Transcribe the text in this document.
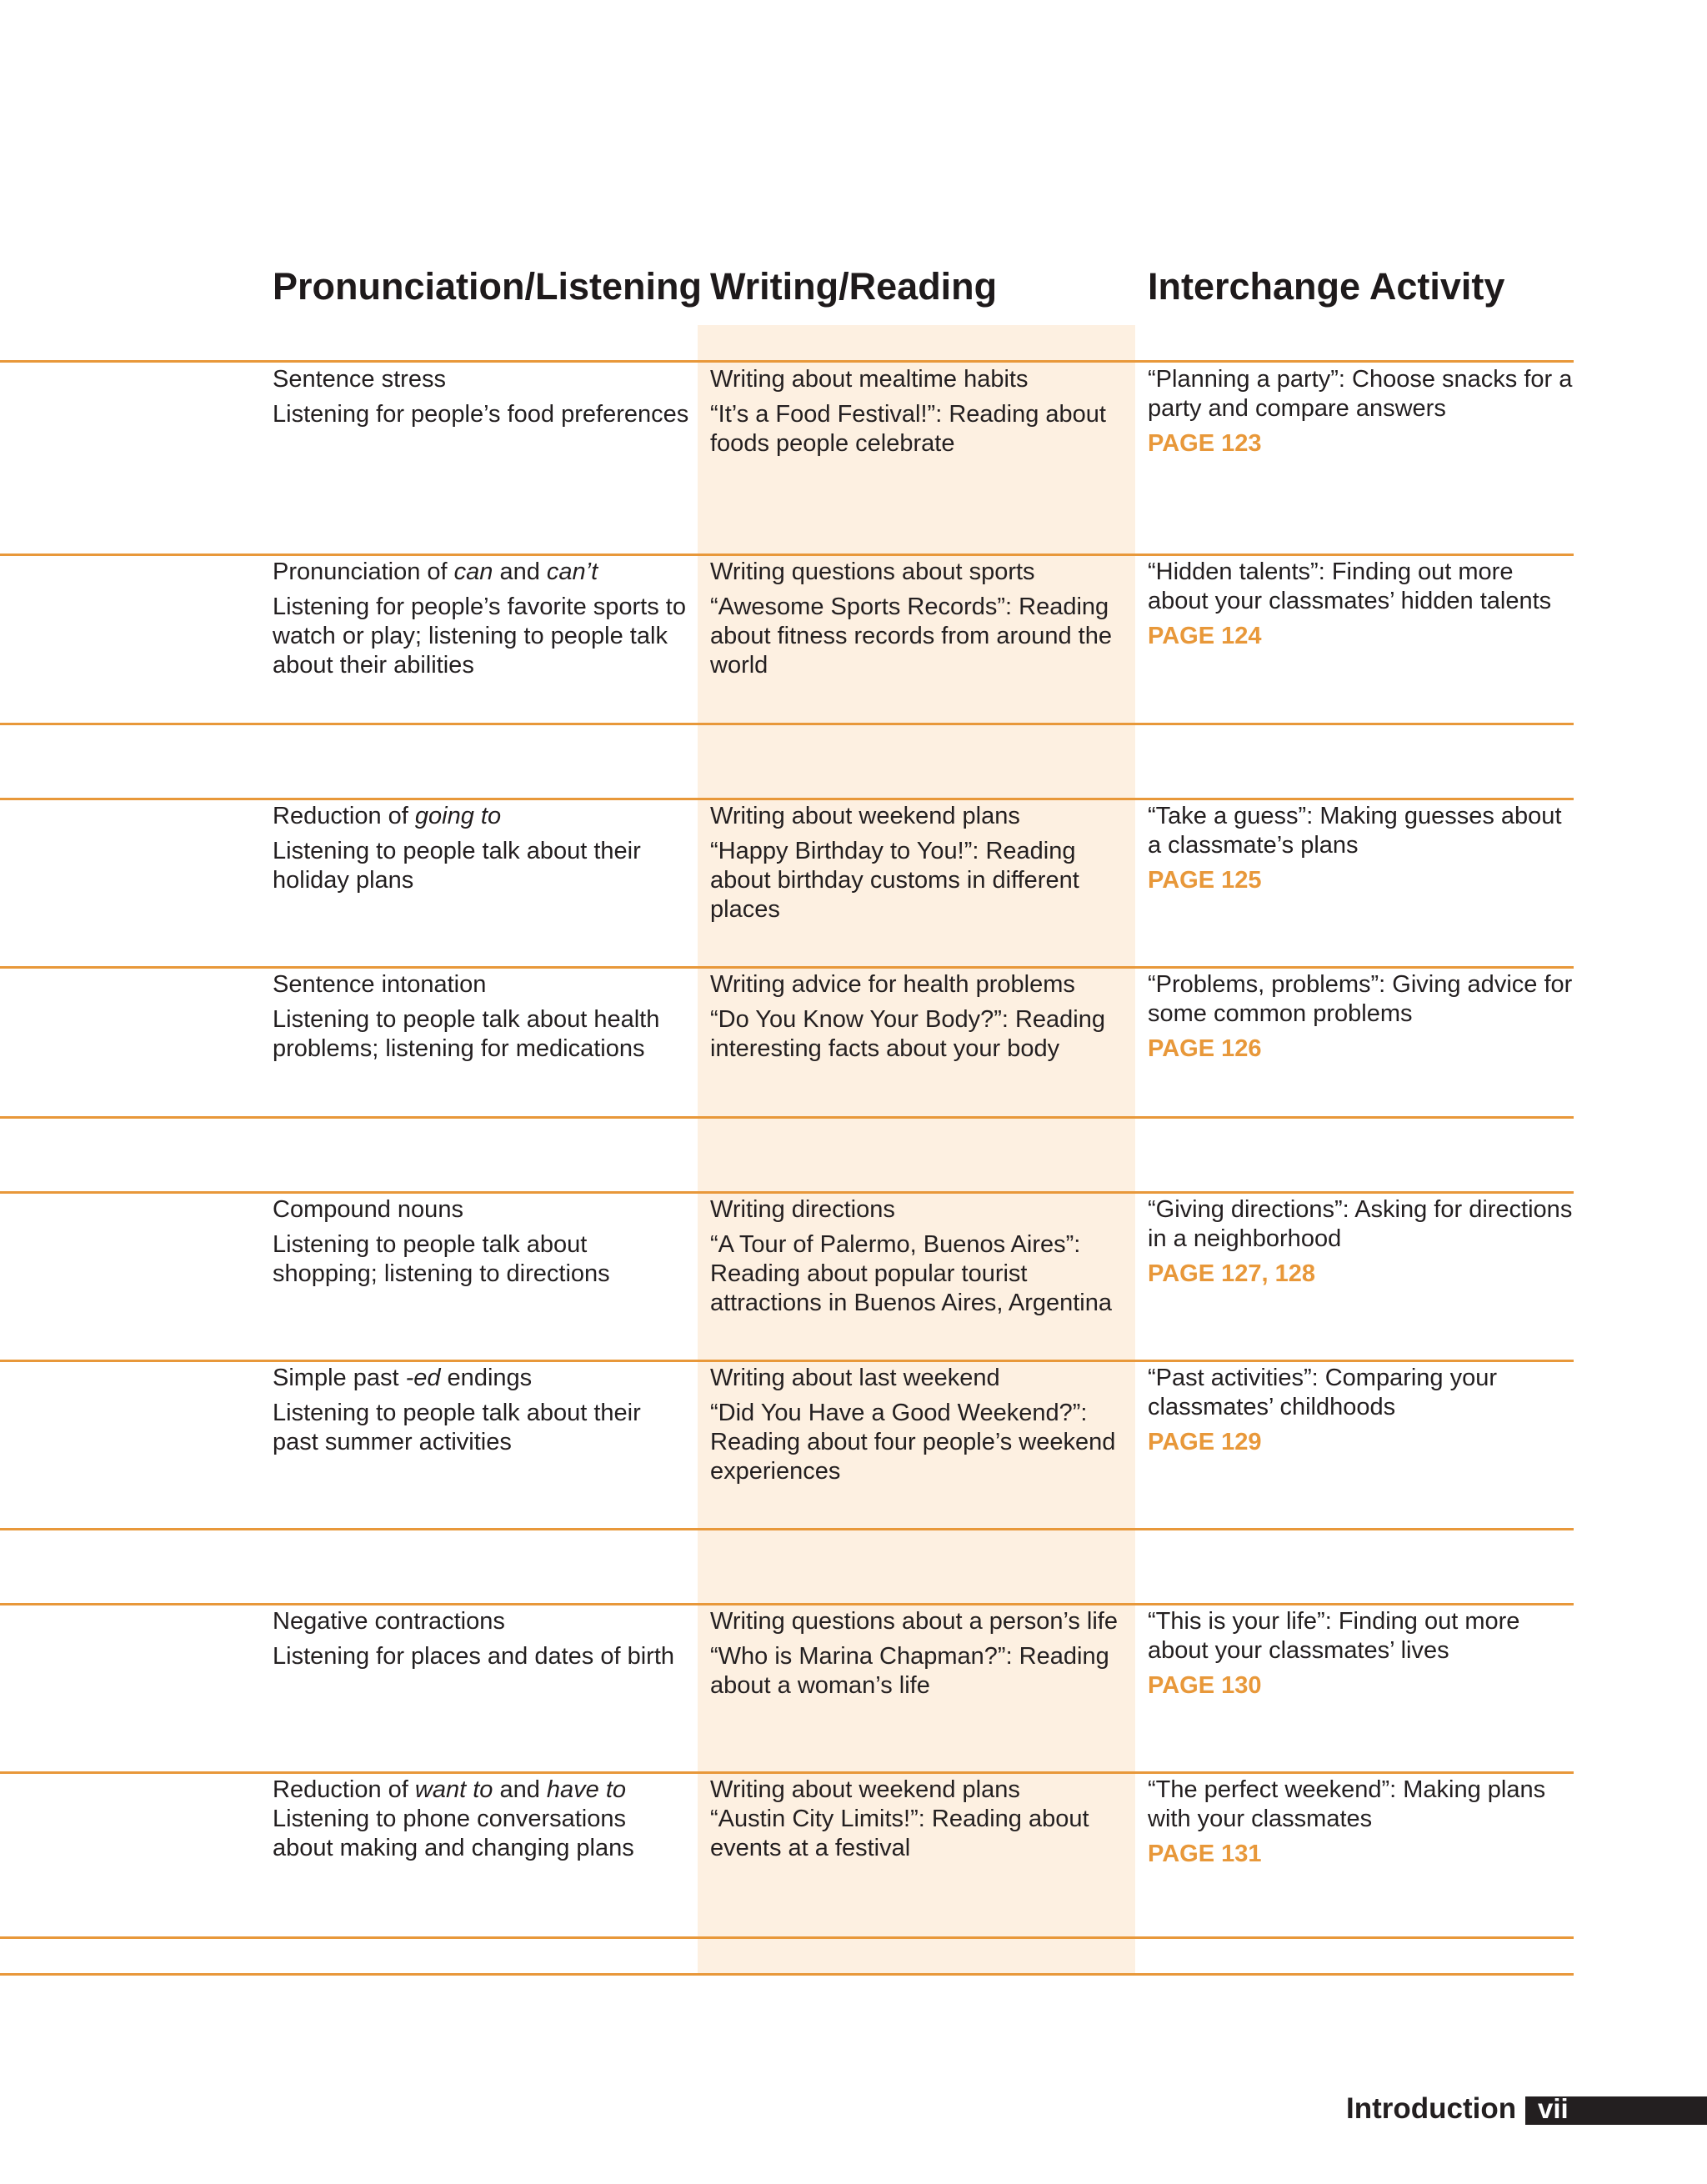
Pronunciation/Listening Writing/Reading	Interchange Activity

Sentence stress

Listening for people’s food preferences

Writing about mealtime habits

“It’s a Food Festival!”: Reading about foods people celebrate

“Planning a party”: Choose snacks for a party and compare answers

PAGE 123

Pronunciation of can and can’t

Listening for people’s favorite sports to watch or play; listening to people talk about their abilities

Writing questions about sports

“Awesome Sports Records”: Reading about fitness records from around the world

“Hidden talents”: Finding out more about your classmates’ hidden talents

PAGE 124

Reduction of going to

Listening to people talk about their holiday plans

Writing about weekend plans

“Happy Birthday to You!”: Reading about birthday customs in different places

“Take a guess”: Making guesses about a classmate’s plans

PAGE 125

Sentence intonation

Listening to people talk about health problems; listening for medications

Writing advice for health problems

“Do You Know Your Body?”: Reading interesting facts about your body

“Problems, problems”: Giving advice for some common problems

PAGE 126

Compound nouns

Listening to people talk about shopping; listening to directions

Writing directions

“A Tour of Palermo, Buenos Aires”: Reading about popular tourist attractions in Buenos Aires, Argentina

“Giving directions”: Asking for directions in a neighborhood

PAGE 127, 128

Simple past -ed endings

Listening to people talk about their past summer activities

Writing about last weekend

“Did You Have a Good Weekend?”: Reading about four people’s weekend experiences

“Past activities”: Comparing your classmates’ childhoods

PAGE 129

Negative contractions

Listening for places and dates of birth

Writing questions about a person’s life

“Who is Marina Chapman?”: Reading about a woman’s life

“This is your life”: Finding out more about your classmates’ lives

PAGE 130

Reduction of want to and have to

Listening to phone conversations about making and changing plans

Writing about weekend plans

“Austin City Limits!”: Reading about events at a festival

“The perfect weekend”: Making plans with your classmates

PAGE 131

Introduction vii
